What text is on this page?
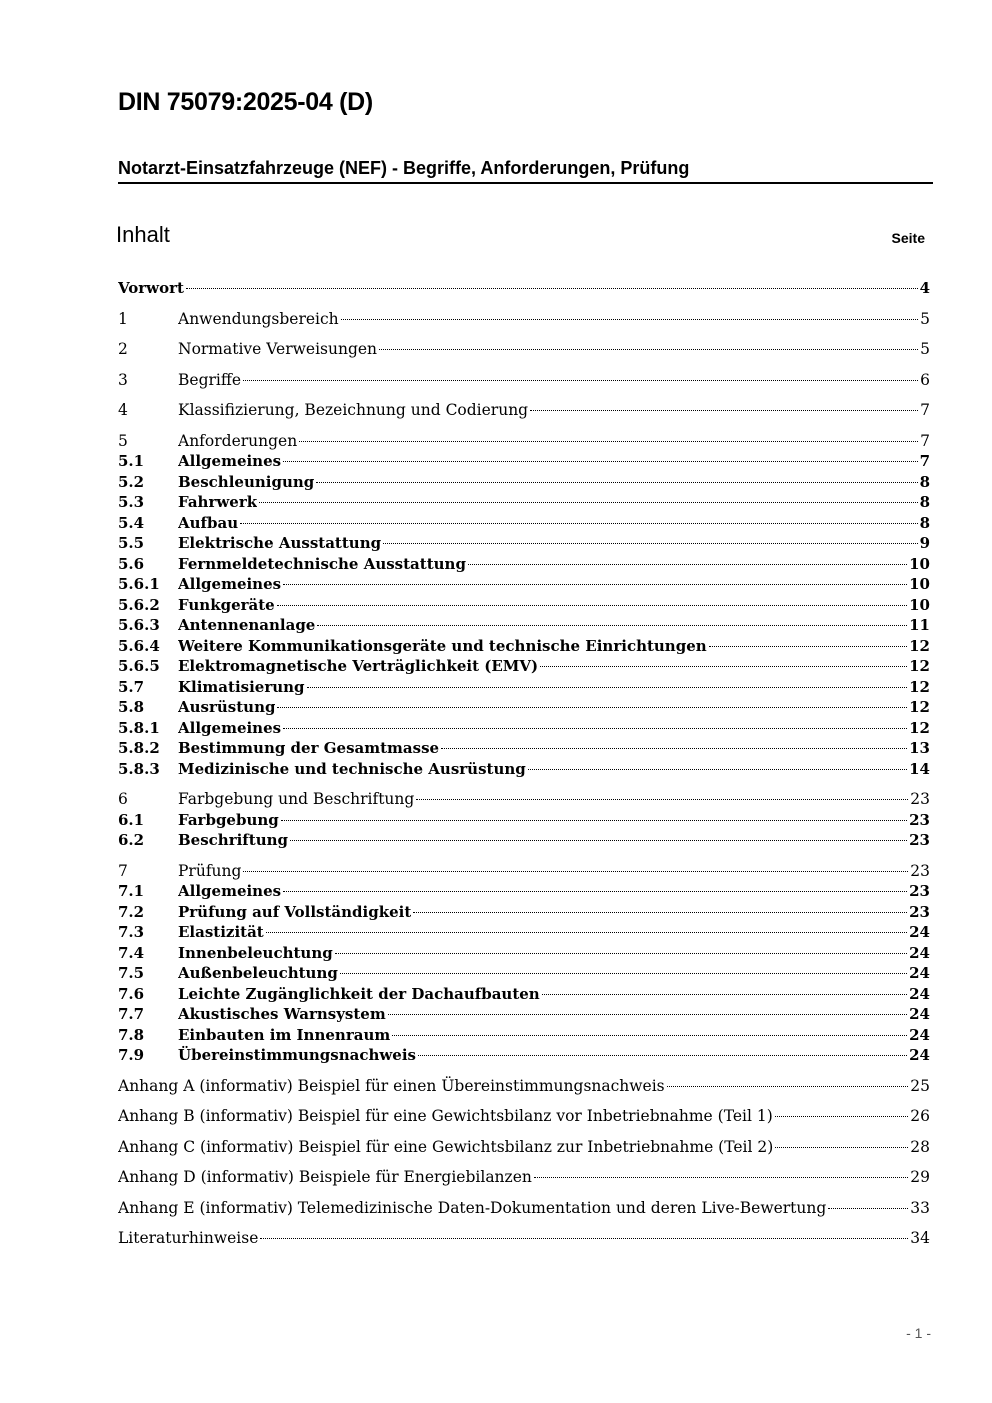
DIN 75079:2025-04 (D)
Notarzt-Einsatzfahrzeuge (NEF) - Begriffe, Anforderungen, Prüfung
Inhalt	Seite
Vorwort	4
1	Anwendungsbereich	5
2	Normative Verweisungen	5
3	Begriffe	6
4	Klassifizierung, Bezeichnung und Codierung	7
5	Anforderungen	7
5.1	Allgemeines	7
5.2	Beschleunigung	8
5.3	Fahrwerk	8
5.4	Aufbau	8
5.5	Elektrische Ausstattung	9
5.6	Fernmeldetechnische Ausstattung	10
5.6.1	Allgemeines	10
5.6.2	Funkgeräte	10
5.6.3	Antennenanlage	11
5.6.4	Weitere Kommunikationsgeräte und technische Einrichtungen	12
5.6.5	Elektromagnetische Verträglichkeit (EMV)	12
5.7	Klimatisierung	12
5.8	Ausrüstung	12
5.8.1	Allgemeines	12
5.8.2	Bestimmung der Gesamtmasse	13
5.8.3	Medizinische und technische Ausrüstung	14
6	Farbgebung und Beschriftung	23
6.1	Farbgebung	23
6.2	Beschriftung	23
7	Prüfung	23
7.1	Allgemeines	23
7.2	Prüfung auf Vollständigkeit	23
7.3	Elastizität	24
7.4	Innenbeleuchtung	24
7.5	Außenbeleuchtung	24
7.6	Leichte Zugänglichkeit der Dachaufbauten	24
7.7	Akustisches Warnsystem	24
7.8	Einbauten im Innenraum	24
7.9	Übereinstimmungsnachweis	24
Anhang A (informativ) Beispiel für einen Übereinstimmungsnachweis	25
Anhang B (informativ) Beispiel für eine Gewichtsbilanz vor Inbetriebnahme (Teil 1)	26
Anhang C (informativ) Beispiel für eine Gewichtsbilanz zur Inbetriebnahme (Teil 2)	28
Anhang D (informativ) Beispiele für Energiebilanzen	29
Anhang E (informativ) Telemedizinische Daten-Dokumentation und deren Live-Bewertung	33
Literaturhinweise	34
- 1 -
